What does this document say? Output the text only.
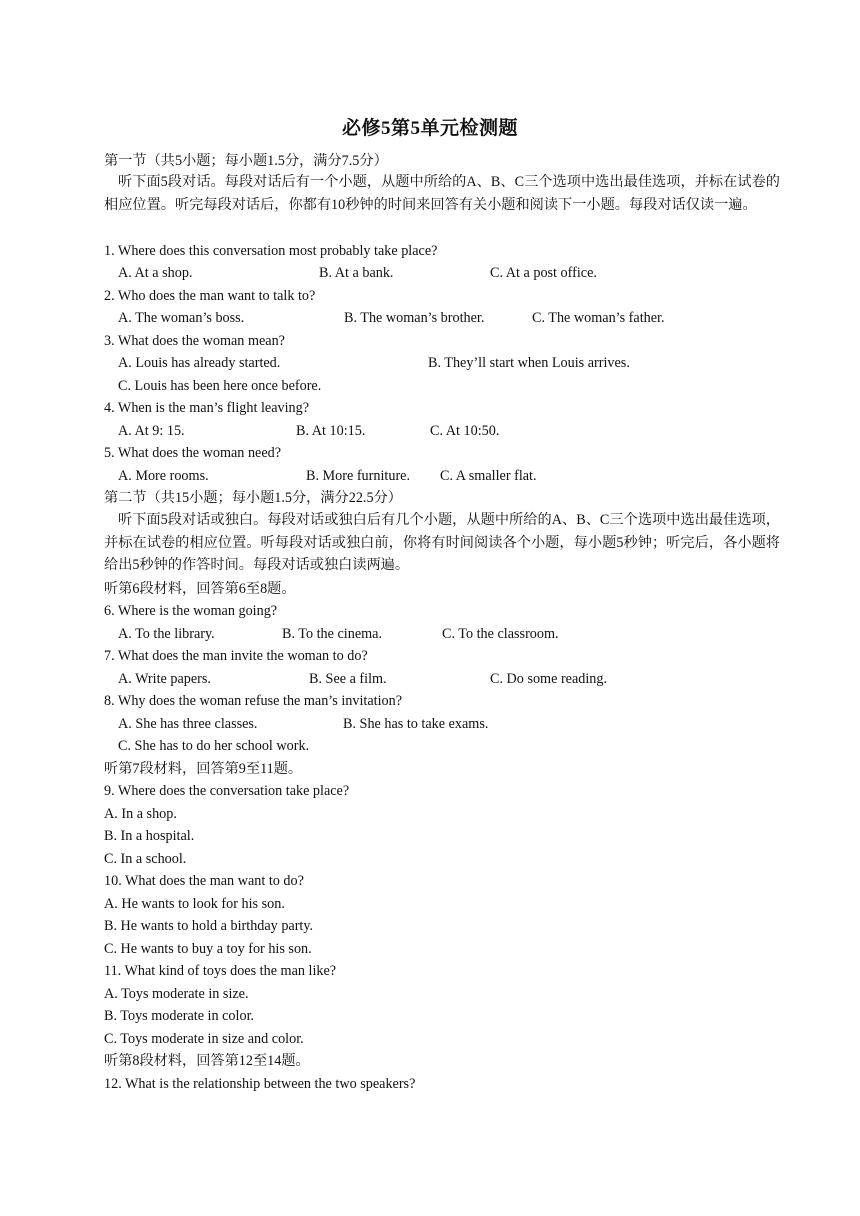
必修5第5单元检测题
第一节（共5小题；每小题1.5分，满分7.5分）
听下面5段对话。每段对话后有一个小题，从题中所给的A、B、C三个选项中选出最佳选项，并标在试卷的相应位置。听完每段对话后，你都有10秒钟的时间来回答有关小题和阅读下一小题。每段对话仅读一遍。
1. Where does this conversation most probably take place?
A. At a shop.	B. At a bank.	C. At a post office.
2. Who does the man want to talk to?
A. The woman’s boss.	B. The woman’s brother.	C. The woman’s father.
3. What does the woman mean?
A. Louis has already started.	B. They’ll start when Louis arrives.
C. Louis has been here once before.
4. When is the man’s flight leaving?
A. At 9: 15.	B. At 10:15.	C. At 10:50.
5. What does the woman need?
A. More rooms.	B. More furniture. C. A smaller flat.
第二节（共15小题；每小题1.5分，满分22.5分）
听下面5段对话或独白。每段对话或独白后有几个小题，从题中所给的A、B、C三个选项中选出最佳选项，并标在试卷的相应位置。听每段对话或独白前，你将有时间阅读各个小题，每小题5秒钟；听完后，各小题将给出5秒钟的作答时间。每段对话或独白读两遍。
听第6段材料，回答第6至8题。
6. Where is the woman going?
A. To the library.	B. To the cinema.	C. To the classroom.
7. What does the man invite the woman to do?
A. Write papers.	B. See a film.	C. Do some reading.
8. Why does the woman refuse the man’s invitation?
A. She has three classes.	B. She has to take exams.
C. She has to do her school work.
听第7段材料，回答第9至11题。
9. Where does the conversation take place?
A. In a shop.
B. In a hospital.
C. In a school.
10. What does the man want to do?
A. He wants to look for his son.
B. He wants to hold a birthday party.
C. He wants to buy a toy for his son.
11. What kind of toys does the man like?
A. Toys moderate in size.
B. Toys moderate in color.
C. Toys moderate in size and color.
听第8段材料，回答第12至14题。
12. What is the relationship between the two speakers?
